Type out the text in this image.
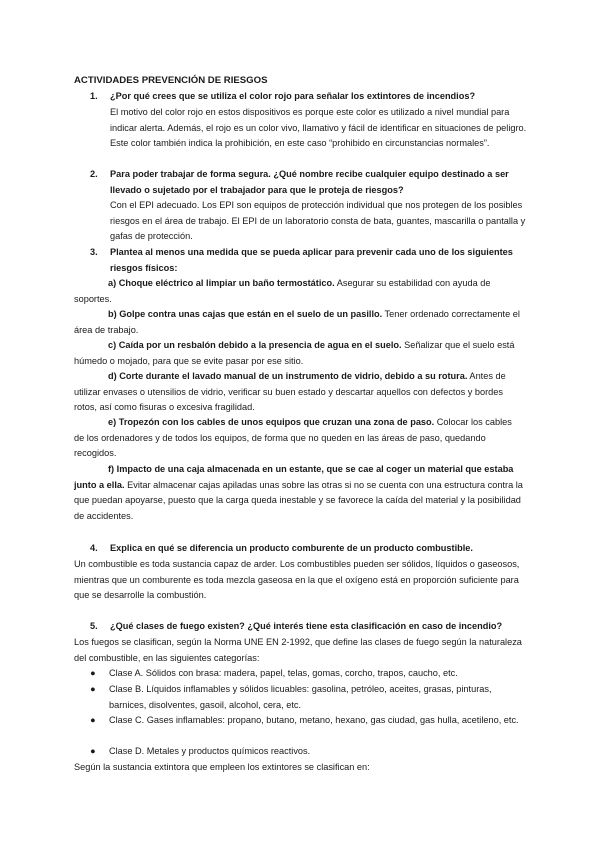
ACTIVIDADES PREVENCIÓN DE RIESGOS
1. ¿Por qué crees que se utiliza el color rojo para señalar los extintores de incendios?
El motivo del color rojo en estos dispositivos es porque este color es utilizado a nivel mundial para indicar alerta. Además, el rojo es un color vivo, llamativo y fácil de identificar en situaciones de peligro. Este color también indica la prohibición, en este caso “prohibido en circunstancias normales”.
2. Para poder trabajar de forma segura. ¿Qué nombre recibe cualquier equipo destinado a ser llevado o sujetado por el trabajador para que le proteja de riesgos?
Con el EPI adecuado. Los EPI son equipos de protección individual que nos protegen de los posibles riesgos en el área de trabajo. El EPI de un laboratorio consta de bata, guantes, mascarilla o pantalla y gafas de protección.
3. Plantea al menos una medida que se pueda aplicar para prevenir cada uno de los siguientes riesgos físicos:
a) Choque eléctrico al limpiar un baño termostático. Asegurar su estabilidad con ayuda de soportes.
b) Golpe contra unas cajas que están en el suelo de un pasillo. Tener ordenado correctamente el área de trabajo.
c) Caída por un resbalón debido a la presencia de agua en el suelo. Señalizar que el suelo está húmedo o mojado, para que se evite pasar por ese sitio.
d) Corte durante el lavado manual de un instrumento de vidrio, debido a su rotura. Antes de utilizar envases o utensilios de vidrio, verificar su buen estado y descartar aquellos con defectos y bordes rotos, así como fisuras o excesiva fragilidad.
e) Tropezón con los cables de unos equipos que cruzan una zona de paso. Colocar los cables de los ordenadores y de todos los equipos, de forma que no queden en las áreas de paso, quedando recogidos.
f) Impacto de una caja almacenada en un estante, que se cae al coger un material que estaba junto a ella. Evitar almacenar cajas apiladas unas sobre las otras si no se cuenta con una estructura contra la que puedan apoyarse, puesto que la carga queda inestable y se favorece la caída del material y la posibilidad de accidentes.
4. Explica en qué se diferencia un producto comburente de un producto combustible.
Un combustible es toda sustancia capaz de arder. Los combustibles pueden ser sólidos, líquidos o gaseosos, mientras que un comburente es toda mezcla gaseosa en la que el oxígeno está en proporción suficiente para que se desarrolle la combustión.
5. ¿Qué clases de fuego existen? ¿Qué interés tiene esta clasificación en caso de incendio?
Los fuegos se clasifican, según la Norma UNE EN 2-1992, que define las clases de fuego según la naturaleza del combustible, en las siguientes categorías:
● Clase A. Sólidos con brasa: madera, papel, telas, gomas, corcho, trapos, caucho, etc.
● Clase B. Líquidos inflamables y sólidos licuables: gasolina, petróleo, aceites, grasas, pinturas, barnices, disolventes, gasoil, alcohol, cera, etc.
● Clase C. Gases inflamables: propano, butano, metano, hexano, gas ciudad, gas hulla, acetileno, etc.
● Clase D. Metales y productos químicos reactivos.
Según la sustancia extintora que empleen los extintores se clasifican en:
